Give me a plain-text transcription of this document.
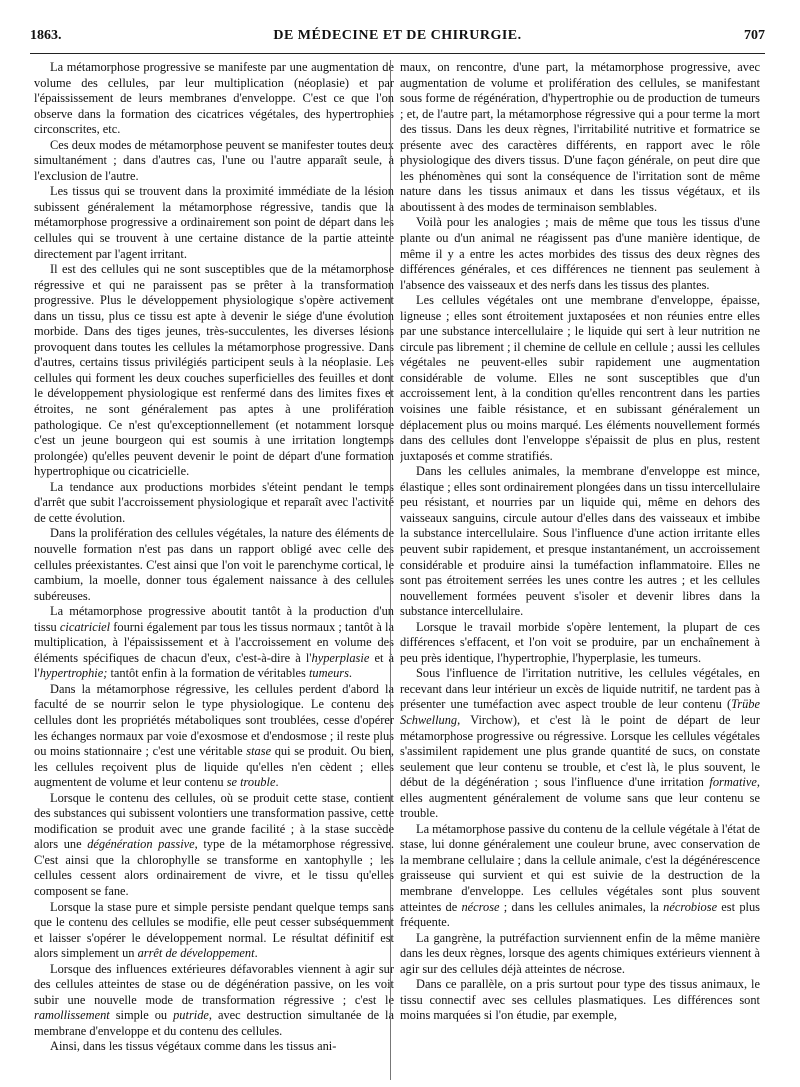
1863.	DE MÉDECINE ET DE CHIRURGIE.	707

La métamorphose progressive se manifeste par une augmentation de volume des cellules, par leur multiplication (néoplasie) et par l'épaississement de leurs membranes d'enveloppe. C'est ce que l'on observe dans la formation des cicatrices végétales, des hypertrophies circonscrites, etc.

Ces deux modes de métamorphose peuvent se manifester toutes deux simultanément ; dans d'autres cas, l'une ou l'autre apparaît seule, à l'exclusion de l'autre.

Les tissus qui se trouvent dans la proximité immédiate de la lésion subissent généralement la métamorphose régressive, tandis que la métamorphose progressive a ordinairement son point de départ dans les cellules qui se trouvent à une certaine distance de la partie atteinte directement par l'agent irritant.

Il est des cellules qui ne sont susceptibles que de la métamorphose régressive et qui ne paraissent pas se prêter à la transformation progressive. Plus le développement physiologique s'opère activement dans un tissu, plus ce tissu est apte à devenir le siége d'une évolution morbide. Dans des tiges jeunes, très-succulentes, les diverses lésions provoquent dans toutes les cellules la métamorphose progressive. Dans d'autres, certains tissus privilégiés participent seuls à la néoplasie. Les cellules qui forment les deux couches superficielles des feuilles et dont le développement physiologique est renfermé dans des limites fixes et étroites, ne sont généralement pas aptes à une prolifération pathologique. Ce n'est qu'exceptionnellement (et notamment lorsque c'est un jeune bourgeon qui est soumis à une irritation longtemps prolongée) qu'elles peuvent devenir le point de départ d'une formation hypertrophique ou cicatricielle.

La tendance aux productions morbides s'éteint pendant le temps d'arrêt que subit l'accroissement physiologique et reparaît avec l'activité de cette évolution.

Dans la prolifération des cellules végétales, la nature des éléments de nouvelle formation n'est pas dans un rapport obligé avec celle des cellules préexistantes. C'est ainsi que l'on voit le parenchyme cortical, le cambium, la moelle, donner tous également naissance à des cellules subéreuses.

La métamorphose progressive aboutit tantôt à la production d'un tissu cicatriciel fourni également par tous les tissus normaux ; tantôt à la multiplication, à l'épaississement et à l'accroissement en volume des éléments spécifiques de chacun d'eux, c'est-à-dire à l'hyperplasie et à l'hypertrophie; tantôt enfin à la formation de véritables tumeurs.

Dans la métamorphose régressive, les cellules perdent d'abord la faculté de se nourrir selon le type physiologique. Le contenu des cellules dont les propriétés métaboliques sont troublées, cesse d'opérer les échanges normaux par voie d'exosmose et d'endosmose ; il reste plus ou moins stationnaire ; c'est une véritable stase qui se produit. Ou bien, les cellules reçoivent plus de liquide qu'elles n'en cèdent ; elles augmentent de volume et leur contenu se trouble.

Lorsque le contenu des cellules, où se produit cette stase, contient des substances qui subissent volontiers une transformation passive, cette modification se produit avec une grande facilité ; à la stase succède alors une dégénération passive, type de la métamorphose régressive. C'est ainsi que la chlorophylle se transforme en xantophylle ; les cellules cessent alors ordinairement de vivre, et le tissu qu'elles composent se fane.

Lorsque la stase pure et simple persiste pendant quelque temps sans que le contenu des cellules se modifie, elle peut cesser subséquemment et laisser s'opérer le développement normal. Le résultat définitif est alors simplement un arrêt de développement.

Lorsque des influences extérieures défavorables viennent à agir sur des cellules atteintes de stase ou de dégénération passive, on les voit subir une nouvelle mode de transformation régressive ; c'est le ramollissement simple ou putride, avec destruction simultanée de la membrane d'enveloppe et du contenu des cellules.

Ainsi, dans les tissus végétaux comme dans les tissus ani-

maux, on rencontre, d'une part, la métamorphose progressive, avec augmentation de volume et prolifération des cellules, se manifestant sous forme de régénération, d'hypertrophie ou de production de tumeurs ; et, de l'autre part, la métamorphose régressive qui a pour terme la mort des tissus. Dans les deux règnes, l'irritabilité nutritive et formatrice se présente avec des caractères différents, en rapport avec le rôle physiologique des divers tissus. D'une façon générale, on peut dire que les phénomènes qui sont la conséquence de l'irritation sont de même nature dans les tissus animaux et dans les tissus végétaux, et ils aboutissent à des modes de terminaison semblables.

Voilà pour les analogies ; mais de même que tous les tissus d'une plante ou d'un animal ne réagissent pas d'une manière identique, de même il y a entre les actes morbides des tissus des deux règnes des différences générales, et ces différences ne tiennent pas seulement à l'absence des vaisseaux et des nerfs dans les tissus des plantes.

Les cellules végétales ont une membrane d'enveloppe, épaisse, ligneuse ; elles sont étroitement juxtaposées et non réunies entre elles par une substance intercellulaire ; le liquide qui sert à leur nutrition ne circule pas librement ; il chemine de cellule en cellule ; aussi les cellules végétales ne peuvent-elles subir rapidement une augmentation considérable de volume. Elles ne sont susceptibles que d'un accroissement lent, à la condition qu'elles rencontrent dans les parties voisines une faible résistance, et en subissant généralement un déplacement plus ou moins marqué. Les éléments nouvellement formés dans des cellules dont l'enveloppe s'épaissit de plus en plus, restent juxtaposés et comme stratifiés.

Dans les cellules animales, la membrane d'enveloppe est mince, élastique ; elles sont ordinairement plongées dans un tissu intercellulaire peu résistant, et nourries par un liquide qui, même en dehors des vaisseaux sanguins, circule autour d'elles dans des vaisseaux et imbibe la substance intercellulaire. Sous l'influence d'une action irritante elles peuvent subir rapidement, et presque instantanément, un accroissement considérable et produire ainsi la tuméfaction inflammatoire. Elles ne sont pas étroitement serrées les unes contre les autres ; et les cellules nouvellement formées peuvent s'isoler et devenir libres dans la substance intercellulaire.

Lorsque le travail morbide s'opère lentement, la plupart de ces différences s'effacent, et l'on voit se produire, par un enchaînement à peu près identique, l'hypertrophie, l'hyperplasie, les tumeurs.

Sous l'influence de l'irritation nutritive, les cellules végétales, en recevant dans leur intérieur un excès de liquide nutritif, ne tardent pas à présenter une tuméfaction avec aspect trouble de leur contenu (Trübe Schwellung, Virchow), et c'est là le point de départ de leur métamorphose progressive ou régressive. Lorsque les cellules végétales s'assimilent rapidement une plus grande quantité de sucs, on constate seulement que leur contenu se trouble, et c'est là, le plus souvent, le début de la dégénération ; sous l'influence d'une irritation formative, elles augmentent généralement de volume sans que leur contenu se trouble.

La métamorphose passive du contenu de la cellule végétale à l'état de stase, lui donne généralement une couleur brune, avec conservation de la membrane cellulaire ; dans la cellule animale, c'est la dégénérescence graisseuse qui survient et qui est suivie de la destruction de la membrane d'enveloppe. Les cellules végétales sont plus souvent atteintes de nécrose ; dans les cellules animales, la nécrobiose est plus fréquente.

La gangrène, la putréfaction surviennent enfin de la même manière dans les deux règnes, lorsque des agents chimiques extérieurs viennent à agir sur des cellules déjà atteintes de nécrose.

Dans ce parallèle, on a pris surtout pour type des tissus animaux, le tissu connectif avec ses cellules plasmatiques. Les différences sont moins marquées si l'on étudie, par exemple,
